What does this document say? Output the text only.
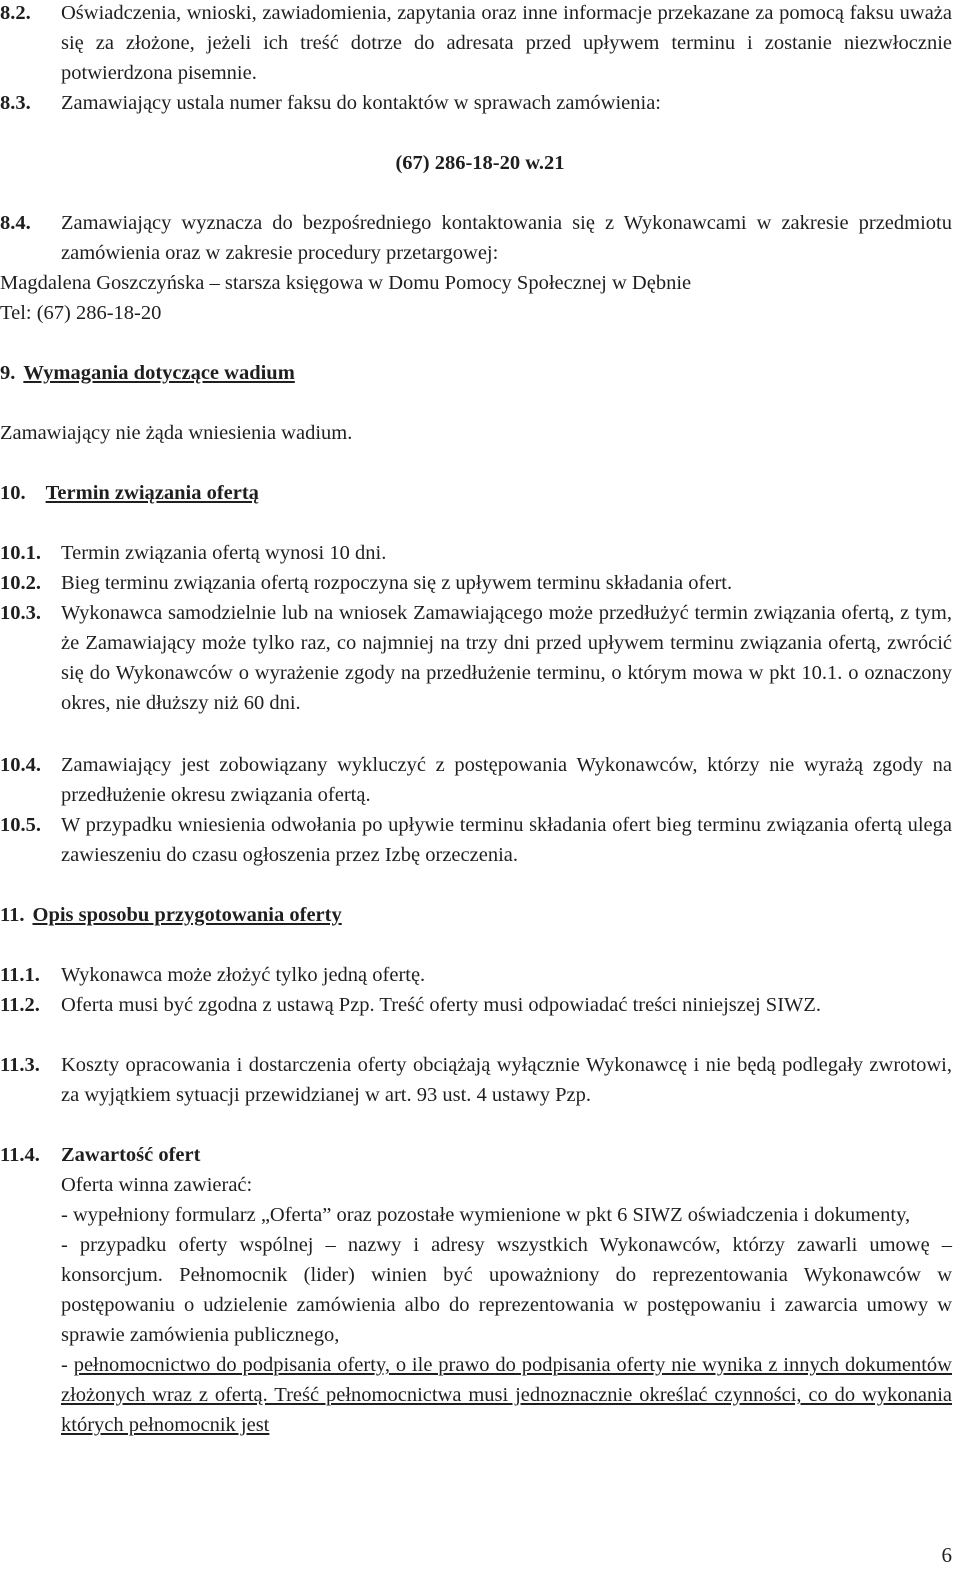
8.2. Oświadczenia, wnioski, zawiadomienia, zapytania oraz inne informacje przekazane za pomocą faksu uważa się za złożone, jeżeli ich treść dotrze do adresata przed upływem terminu i zostanie niezwłocznie potwierdzona pisemnie.
8.3. Zamawiający ustala numer faksu do kontaktów w sprawach zamówienia:
(67) 286-18-20 w.21
8.4. Zamawiający wyznacza do bezpośredniego kontaktowania się z Wykonawcami w zakresie przedmiotu zamówienia oraz w zakresie procedury przetargowej:
Magdalena Goszczyńska – starsza księgowa w Domu Pomocy Społecznej w Dębnie
Tel: (67) 286-18-20
9. Wymagania dotyczące wadium
Zamawiający nie żąda wniesienia wadium.
10. Termin związania ofertą
10.1. Termin związania ofertą wynosi 10 dni.
10.2. Bieg terminu związania ofertą rozpoczyna się z upływem terminu składania ofert.
10.3. Wykonawca samodzielnie lub na wniosek Zamawiającego może przedłużyć termin związania ofertą, z tym, że Zamawiający może tylko raz, co najmniej na trzy dni przed upływem terminu związania ofertą, zwrócić się do Wykonawców o wyrażenie zgody na przedłużenie terminu, o którym mowa w pkt 10.1. o oznaczony okres, nie dłuższy niż 60 dni.
10.4. Zamawiający jest zobowiązany wykluczyć z postępowania Wykonawców, którzy nie wyrażą zgody na przedłużenie okresu związania ofertą.
10.5. W przypadku wniesienia odwołania po upływie terminu składania ofert bieg terminu związania ofertą ulega zawieszeniu do czasu ogłoszenia przez Izbę orzeczenia.
11. Opis sposobu przygotowania oferty
11.1. Wykonawca może złożyć tylko jedną ofertę.
11.2. Oferta musi być zgodna z ustawą Pzp. Treść oferty musi odpowiadać treści niniejszej SIWZ.
11.3. Koszty opracowania i dostarczenia oferty obciążają wyłącznie Wykonawcę i nie będą podlegały zwrotowi, za wyjątkiem sytuacji przewidzianej w art. 93 ust. 4 ustawy Pzp.
11.4. Zawartość ofert
Oferta winna zawierać:
- wypełniony formularz „Oferta” oraz pozostałe wymienione w pkt 6 SIWZ oświadczenia i dokumenty,
- przypadku oferty wspólnej – nazwy i adresy wszystkich Wykonawców, którzy zawarli umowę – konsorcjum. Pełnomocnik (lider) winien być upoważniony do reprezentowania Wykonawców w postępowaniu o udzielenie zamówienia albo do reprezentowania w postępowaniu i zawarcia umowy w sprawie zamówienia publicznego,
- pełnomocnictwo do podpisania oferty, o ile prawo do podpisania oferty nie wynika z innych dokumentów złożonych wraz z ofertą. Treść pełnomocnictwa musi jednoznacznie określać czynności, co do wykonania których pełnomocnik jest
6
